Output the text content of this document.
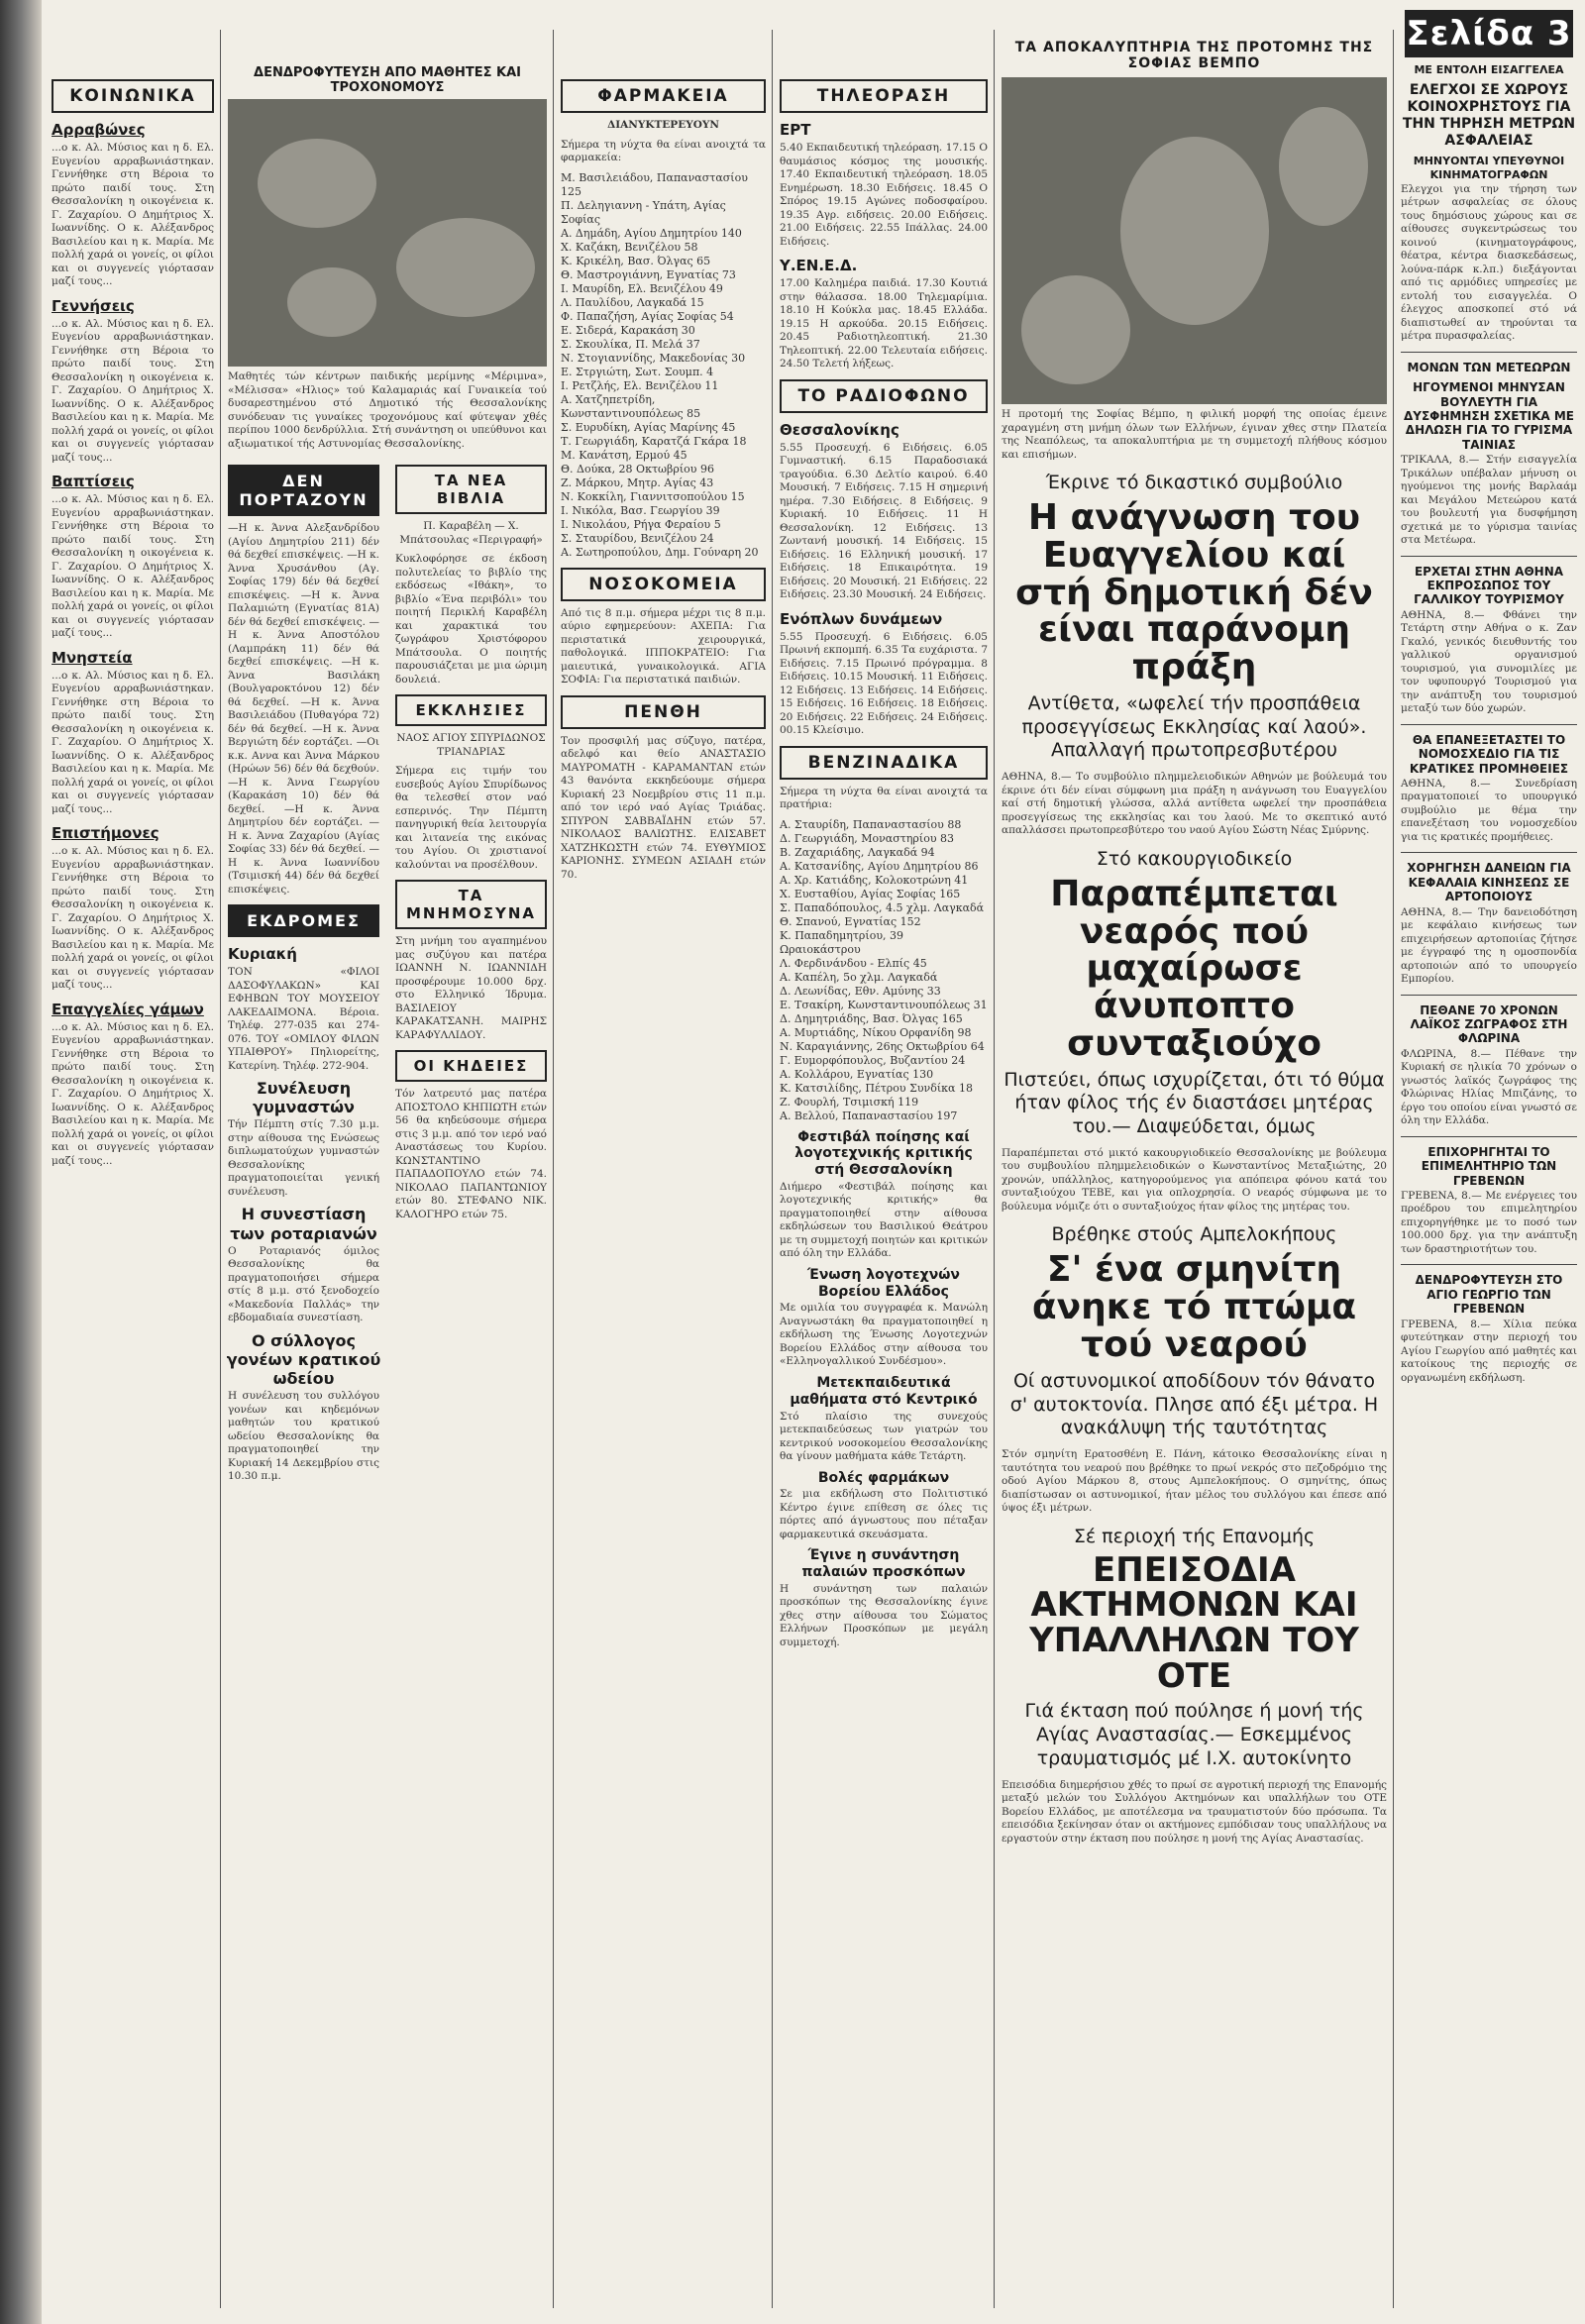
ΚΟΙΝΩΝΙΚΑ
Αρραβώνες
...ο κ. Αλ. Μύσιος και η δ. Ελ. Ευγενίου αρραβωνιάστηκαν. Γεννήθηκε στη Βέροια το πρώτο παιδί τους. Στη Θεσσαλονίκη η οικογένεια κ. Γ. Ζαχαρίου. Ο Δημήτριος Χ. Ιωαννίδης. Ο κ. Αλέξανδρος Βασιλείου και η κ. Μαρία. Με πολλή χαρά οι γονείς, οι φίλοι και οι συγγενείς γιόρτασαν μαζί τους...
Γεννήσεις
...ο κ. Αλ. Μύσιος και η δ. Ελ. Ευγενίου αρραβωνιάστηκαν. Γεννήθηκε στη Βέροια το πρώτο παιδί τους. Στη Θεσσαλονίκη η οικογένεια κ. Γ. Ζαχαρίου. Ο Δημήτριος Χ. Ιωαννίδης. Ο κ. Αλέξανδρος Βασιλείου και η κ. Μαρία. Με πολλή χαρά οι γονείς, οι φίλοι και οι συγγενείς γιόρτασαν μαζί τους...
Βαπτίσεις
...ο κ. Αλ. Μύσιος και η δ. Ελ. Ευγενίου αρραβωνιάστηκαν. Γεννήθηκε στη Βέροια το πρώτο παιδί τους. Στη Θεσσαλονίκη η οικογένεια κ. Γ. Ζαχαρίου. Ο Δημήτριος Χ. Ιωαννίδης. Ο κ. Αλέξανδρος Βασιλείου και η κ. Μαρία. Με πολλή χαρά οι γονείς, οι φίλοι και οι συγγενείς γιόρτασαν μαζί τους...
Μνηστεία
...ο κ. Αλ. Μύσιος και η δ. Ελ. Ευγενίου αρραβωνιάστηκαν. Γεννήθηκε στη Βέροια το πρώτο παιδί τους. Στη Θεσσαλονίκη η οικογένεια κ. Γ. Ζαχαρίου. Ο Δημήτριος Χ. Ιωαννίδης. Ο κ. Αλέξανδρος Βασιλείου και η κ. Μαρία. Με πολλή χαρά οι γονείς, οι φίλοι και οι συγγενείς γιόρτασαν μαζί τους...
Επιστήμονες
...ο κ. Αλ. Μύσιος και η δ. Ελ. Ευγενίου αρραβωνιάστηκαν. Γεννήθηκε στη Βέροια το πρώτο παιδί τους. Στη Θεσσαλονίκη η οικογένεια κ. Γ. Ζαχαρίου. Ο Δημήτριος Χ. Ιωαννίδης. Ο κ. Αλέξανδρος Βασιλείου και η κ. Μαρία. Με πολλή χαρά οι γονείς, οι φίλοι και οι συγγενείς γιόρτασαν μαζί τους...
Επαγγελίες γάμων
...ο κ. Αλ. Μύσιος και η δ. Ελ. Ευγενίου αρραβωνιάστηκαν. Γεννήθηκε στη Βέροια το πρώτο παιδί τους. Στη Θεσσαλονίκη η οικογένεια κ. Γ. Ζαχαρίου. Ο Δημήτριος Χ. Ιωαννίδης. Ο κ. Αλέξανδρος Βασιλείου και η κ. Μαρία. Με πολλή χαρά οι γονείς, οι φίλοι και οι συγγενείς γιόρτασαν μαζί τους...
ΔΕΝΔΡΟΦΥΤΕΥΣΗ ΑΠΟ ΜΑΘΗΤΕΣ ΚΑΙ ΤΡΟΧΟΝΟΜΟΥΣ
Μαθητές τών κέντρων παιδικής μερίμνης «Μέριμνα», «Μέλισσα» «Ηλιος» τού Καλαμαριάς καί Γυναικεία τού δυσαρεστημένου στό Δημοτικό τής Θεσσαλονίκης συνόδευαν τις γυναίκες τροχονόμους καί φύτεψαν χθές περίπου 1000 δενδρύλλια. Στή συνάντηση οι υπεύθυνοι και αξιωματικοί τής Αστυνομίας Θεσσαλονίκης.
ΔΕΝ ΠΟΡΤΑΖΟΥΝ
—Η κ. Άννα Αλεξανδρίδου (Αγίου Δημητρίου 211) δέν θά δεχθεί επισκέψεις. —Η κ. Άννα Χρυσάνθου (Αγ. Σοφίας 179) δέν θά δεχθεί επισκέψεις. —Η κ. Άννα Παλαμιώτη (Εγνατίας 81Α) δέν θά δεχθεί επισκέψεις. —Η κ. Άννα Αποστόλου (Λαμπράκη 11) δέν θά δεχθεί επισκέψεις. —Η κ. Άννα Βασιλάκη (Βουλγαροκτόνου 12) δέν θά δεχθεί. —Η κ. Άννα Βασιλειάδου (Πυθαγόρα 72) δέν θά δεχθεί. —Η κ. Άννα Βεργιώτη δέν εορτάζει. —Οι κ.κ. Αννα και Άννα Μάρκου (Ηρώων 56) δέν θά δεχθούν. —Η κ. Άννα Γεωργίου (Καρακάση 10) δέν θά δεχθεί. —Η κ. Άννα Δημητρίου δέν εορτάζει. —Η κ. Άννα Ζαχαρίου (Αγίας Σοφίας 33) δέν θά δεχθεί. —Η κ. Άννα Ιωαννίδου (Τσιμισκή 44) δέν θά δεχθεί επισκέψεις.
ΕΚΔΡΟΜΕΣ
Κυριακή
ΤΟΝ «ΦΙΛΟΙ ΔΑΣΟΦΥΛΑΚΩΝ» ΚΑΙ ΕΦΗΒΩΝ ΤΟΥ ΜΟΥΣΕΙΟΥ ΛΑΚΕΔΑΙΜΟΝΑ. Βέροια. Τηλέφ. 277-035 και 274-076. ΤΟΥ «ΟΜΙΛΟΥ ΦΙΛΩΝ ΥΠΑΙΘΡΟΥ» Πηλιορείτης, Κατερίνη. Τηλέφ. 272-904.
Συνέλευση γυμναστών
Τήν Πέμπτη στίς 7.30 μ.μ. στην αίθουσα της Ενώσεως διπλωματούχων γυμναστών Θεσσαλονίκης πραγματοποιείται γενική συνέλευση.
Η συνεστίαση των ροταριανών
Ο Ροταριανός όμιλος Θεσσαλονίκης θα πραγματοποιήσει σήμερα στίς 8 μ.μ. στό ξενοδοχείο «Μακεδονία Παλλάς» την εβδομαδιαία συνεστίαση.
Ο σύλλογος γονέων κρατικού ωδείου
Η συνέλευση του συλλόγου γονέων και κηδεμόνων μαθητών του κρατικού ωδείου Θεσσαλονίκης θα πραγματοποιηθεί την Κυριακή 14 Δεκεμβρίου στις 10.30 π.μ.
ΤΑ ΝΕΑ ΒΙΒΛΙΑ
Π. Καραβέλη — Χ. Μπάτσουλας «Περιγραφή»
Κυκλοφόρησε σε έκδοση πολυτελείας το βιβλίο της εκδόσεως «Ιθάκη», το βιβλίο «Ένα περιβόλι» του ποιητή Περικλή Καραβέλη και χαρακτικά του ζωγράφου Χριστόφορου Μπάτσουλα. Ο ποιητής παρουσιάζεται με μια ώριμη δουλειά.
ΕΚΚΛΗΣΙΕΣ
ΝΑΟΣ ΑΓΙΟΥ ΣΠΥΡΙΔΩΝΟΣ ΤΡΙΑΝΔΡΙΑΣ
Σήμερα εις τιμήν του ευσεβούς Αγίου Σπυρίδωνος θα τελεσθεί στον ναό εσπερινός. Την Πέμπτη πανηγυρική θεία λειτουργία και λιτανεία της εικόνας του Αγίου. Οι χριστιανοί καλούνται να προσέλθουν.
ΤΑ ΜΝΗΜΟΣΥΝΑ
Στη μνήμη του αγαπημένου μας συζύγου και πατέρα ΙΩΑΝΝΗ Ν. ΙΩΑΝΝΙΔΗ προσφέρουμε 10.000 δρχ. στο Ελληνικό Ίδρυμα. ΒΑΣΙΛΕΙΟΥ ΚΑΡΑΚΑΤΣΑΝΗ. ΜΑΙΡΗΣ ΚΑΡΑΦΥΛΛΙΔΟΥ.
ΟΙ ΚΗΔΕΙΕΣ
Τόν λατρευτό μας πατέρα ΑΠΟΣΤΟΛΟ ΚΗΠΙΩΤΗ ετών 56 θα κηδεύσουμε σήμερα στις 3 μ.μ. από τον ιερό ναό Αναστάσεως του Κυρίου. ΚΩΝΣΤΑΝΤΙΝΟ ΠΑΠΑΔΟΠΟΥΛΟ ετών 74. ΝΙΚΟΛΑΟ ΠΑΠΑΝΤΩΝΙΟΥ ετών 80. ΣΤΕΦΑΝΟ ΝΙΚ. ΚΑΛΟΓΗΡΟ ετών 75.
ΦΑΡΜΑΚΕΙΑ
ΔΙΑΝΥΚΤΕΡΕΥΟΥΝ
Σήμερα τη νύχτα θα είναι ανοιχτά τα φαρμακεία:
Μ. Βασιλειάδου, Παπαναστασίου 125
Π. Δεληγιαννη - Υπάτη, Αγίας Σοφίας
Α. Δημάδη, Αγίου Δημητρίου 140
Χ. Καζάκη, Βενιζέλου 58
Κ. Κρικέλη, Βασ. Όλγας 65
Θ. Μαστρογιάννη, Εγνατίας 73
Ι. Μαυρίδη, Ελ. Βενιζέλου 49
Λ. Παυλίδου, Λαγκαδά 15
Φ. Παπαζήση, Αγίας Σοφίας 54
Ε. Σιδερά, Καρακάση 30
Σ. Σκουλίκα, Π. Μελά 37
Ν. Στογιαννίδης, Μακεδονίας 30
Ε. Στργιώτη, Σωτ. Σουμπ. 4
Ι. Ρετζλής, Ελ. Βενιζέλου 11
Α. Χατζηπετρίδη, Κωνσταντινουπόλεως 85
Σ. Ευρυδίκη, Αγίας Μαρίνης 45
Τ. Γεωργιάδη, Καρατζά Γκάρα 18
Μ. Κανάτση, Ερμού 45
Θ. Δούκα, 28 Οκτωβρίου 96
Ζ. Μάρκου, Μητρ. Αγίας 43
Ν. Κοκκίλη, Γιαννιτσοπούλου 15
Ι. Νικόλα, Βασ. Γεωργίου 39
Ι. Νικολάου, Ρήγα Φεραίου 5
Σ. Σταυρίδου, Βενιζέλου 24
Α. Σωτηροπούλου, Δημ. Γούναρη 20
ΝΟΣΟΚΟΜΕΙΑ
Από τις 8 π.μ. σήμερα μέχρι τις 8 π.μ. αύριο εφημερεύουν: ΑΧΕΠΑ: Για περιστατικά χειρουργικά, παθολογικά. ΙΠΠΟΚΡΑΤΕΙΟ: Για μαιευτικά, γυναικολογικά. ΑΓΙΑ ΣΟΦΙΑ: Για περιστατικά παιδιών.
ΠΕΝΘΗ
Τον προσφιλή μας σύζυγο, πατέρα, αδελφό και θείο ΑΝΑΣΤΑΣΙΟ ΜΑΥΡΟΜΑΤΗ - ΚΑΡΑΜΑΝΤΑΝ ετών 43 θανόντα εκκηδεύουμε σήμερα Κυριακή 23 Νοεμβρίου στις 11 π.μ. από τον ιερό ναό Αγίας Τριάδας. ΣΠΥΡΟΝ ΣΑΒΒΑΪΔΗΝ ετών 57. ΝΙΚΟΛΑΟΣ ΒΑΛΙΩΤΗΣ. ΕΛΙΣΑΒΕΤ ΧΑΤΖΗΚΩΣΤΗ ετών 74. ΕΥΘΥΜΙΟΣ ΚΑΡΙΟΝΗΣ. ΣΥΜΕΩΝ ΑΣΙΑΔΗ ετών 70.
ΤΗΛΕΟΡΑΣΗ
ΕΡΤ
5.40 Εκπαιδευτική τηλεόραση. 17.15 Ο θαυμάσιος κόσμος της μουσικής. 17.40 Εκπαιδευτική τηλεόραση. 18.05 Ενημέρωση. 18.30 Ειδήσεις. 18.45 Ο Σπόρος 19.15 Αγώνες ποδοσφαίρου. 19.35 Αγρ. ειδήσεις. 20.00 Ειδήσεις. 21.00 Ειδήσεις. 22.55 Ιπάλλας. 24.00 Ειδήσεις.
Υ.ΕΝ.Ε.Δ.
17.00 Καλημέρα παιδιά. 17.30 Κουτιά στην θάλασσα. 18.00 Τηλεμαρίμια. 18.10 Η Κούκλα μας. 18.45 Ελλάδα. 19.15 Η αρκούδα. 20.15 Ειδήσεις. 20.45 Ραδιοτηλεοπτική. 21.30 Τηλεοπτική. 22.00 Τελευταία ειδήσεις. 24.50 Τελετή λήξεως.
ΤΟ ΡΑΔΙΟΦΩΝΟ
Θεσσαλονίκης
5.55 Προσευχή. 6 Ειδήσεις. 6.05 Γυμναστική. 6.15 Παραδοσιακά τραγούδια. 6.30 Δελτίο καιρού. 6.40 Μουσική. 7 Ειδήσεις. 7.15 Η σημερινή ημέρα. 7.30 Ειδήσεις. 8 Ειδήσεις. 9 Κυριακή. 10 Ειδήσεις. 11 Η Θεσσαλονίκη. 12 Ειδήσεις. 13 Ζωντανή μουσική. 14 Ειδήσεις. 15 Ειδήσεις. 16 Ελληνική μουσική. 17 Ειδήσεις. 18 Επικαιρότητα. 19 Ειδήσεις. 20 Μουσική. 21 Ειδήσεις. 22 Ειδήσεις. 23.30 Μουσική. 24 Ειδήσεις.
Ενόπλων δυνάμεων
5.55 Προσευχή. 6 Ειδήσεις. 6.05 Πρωινή εκπομπή. 6.35 Τα ευχάριστα. 7 Ειδήσεις. 7.15 Πρωινό πρόγραμμα. 8 Ειδήσεις. 10.15 Μουσική. 11 Ειδήσεις. 12 Ειδήσεις. 13 Ειδήσεις. 14 Ειδήσεις. 15 Ειδήσεις. 16 Ειδήσεις. 18 Ειδήσεις. 20 Ειδήσεις. 22 Ειδήσεις. 24 Ειδήσεις. 00.15 Κλείσιμο.
ΒΕΝΖΙΝΑΔΙΚΑ
Σήμερα τη νύχτα θα είναι ανοιχτά τα πρατήρια:
Α. Σταυρίδη, Παπαναστασίου 88
Δ. Γεωργιάδη, Μοναστηρίου 83
Β. Ζαχαριάδης, Λαγκαδά 94
Α. Κατσανίδης, Αγίου Δημητρίου 86
Α. Χρ. Κατιάδης, Κολοκοτρώνη 41
Χ. Ευσταθίου, Αγίας Σοφίας 165
Σ. Παπαδόπουλος, 4.5 χλμ. Λαγκαδά
Θ. Σπανού, Εγνατίας 152
Κ. Παπαδημητρίου, 39 Ωραιοκάστρου
Λ. Φερδινάνδου - Ελπίς 45
Α. Καπέλη, 5ο χλμ. Λαγκαδά
Δ. Λεωνίδας, Εθν. Αμύνης 33
Ε. Τσακίρη, Κωνσταντινουπόλεως 31
Δ. Δημητριάδης, Βασ. Όλγας 165
Α. Μυρτιάδης, Νίκου Ορφανίδη 98
Ν. Καραγιάννης, 26ης Οκτωβρίου 64
Γ. Ευμορφόπουλος, Βυζαντίου 24
Α. Κολλάρου, Εγνατίας 130
Κ. Κατσιλίδης, Πέτρου Συνδίκα 18
Ζ. Φουρλή, Τσιμισκή 119
Α. Βελλού, Παπαναστασίου 197
Φεστιβάλ ποίησης καί λογοτεχνικής κριτικής στή Θεσσαλονίκη
Διήμερο «Φεστιβάλ ποίησης και λογοτεχνικής κριτικής» θα πραγματοποιηθεί στην αίθουσα εκδηλώσεων του Βασιλικού Θεάτρου με τη συμμετοχή ποιητών και κριτικών από όλη την Ελλάδα.
Ένωση λογοτεχνών Βορείου Ελλάδος
Με ομιλία του συγγραφέα κ. Μανώλη Αναγνωστάκη θα πραγματοποιηθεί η εκδήλωση της Ένωσης Λογοτεχνών Βορείου Ελλάδος στην αίθουσα του «Ελληνογαλλικού Συνδέσμου».
Μετεκπαιδευτικά μαθήματα στό Κεντρικό
Στό πλαίσιο της συνεχούς μετεκπαιδεύσεως των γιατρών του κεντρικού νοσοκομείου Θεσσαλονίκης θα γίνουν μαθήματα κάθε Τετάρτη.
Βολές φαρμάκων
Σε μια εκδήλωση στο Πολιτιστικό Κέντρο έγινε επίθεση σε όλες τις πόρτες από άγνωστους που πέταξαν φαρμακευτικά σκευάσματα.
Έγινε η συνάντηση παλαιών προσκόπων
Η συνάντηση των παλαιών προσκόπων της Θεσσαλονίκης έγινε χθες στην αίθουσα του Σώματος Ελλήνων Προσκόπων με μεγάλη συμμετοχή.
ΤΑ ΑΠΟΚΑΛΥΠΤΗΡΙΑ ΤΗΣ ΠΡΟΤΟΜΗΣ ΤΗΣ ΣΟΦΙΑΣ ΒΕΜΠΟ
Η προτομή της Σοφίας Βέμπο, η φιλική μορφή της οποίας έμεινε χαραγμένη στη μνήμη όλων των Ελλήνων, έγιναν χθες στην Πλατεία της Νεαπόλεως, τα αποκαλυπτήρια με τη συμμετοχή πλήθους κόσμου και επισήμων.
Έκρινε τό δικαστικό συμβούλιο
Η ανάγνωση του Ευαγγελίου καί στή δημοτική δέν είναι παράνομη πράξη
Αντίθετα, «ωφελεί τήν προσπάθεια προσεγγίσεως Εκκλησίας καί λαού». Απαλλαγή πρωτοπρεσβυτέρου
ΑΘΗΝΑ, 8.— Το συμβούλιο πλημμελειοδικών Αθηνών με βούλευμά του έκρινε ότι δέν είναι σύμφωνη μια πράξη η ανάγνωση του Ευαγγελίου καί στή δημοτική γλώσσα, αλλά αντίθετα ωφελεί την προσπάθεια προσεγγίσεως της εκκλησίας και του λαού. Με το σκεπτικό αυτό απαλλάσσει πρωτοπρεσβύτερο του ναού Αγίου Σώστη Νέας Σμύρνης.
Στό κακουργιοδικείο
Παραπέμπεται νεαρός πού μαχαίρωσε άνυποπτο συνταξιούχο
Πιστεύει, όπως ισχυρίζεται, ότι τό θύμα ήταν φίλος τής έν διαστάσει μητέρας του.— Διαψεύδεται, όμως
Παραπέμπεται στό μικτό κακουργιοδικείο Θεσσαλονίκης με βούλευμα του συμβουλίου πλημμελειοδικών ο Κωνσταντίνος Μεταξιώτης, 20 χρονών, υπάλληλος, κατηγορούμενος για απόπειρα φόνου κατά του συνταξιούχου ΤΕΒΕ, και για οπλοχρησία. Ο νεαρός σύμφωνα με το βούλευμα νόμιζε ότι ο συνταξιούχος ήταν φίλος της μητέρας του.
Βρέθηκε στούς Αμπελοκήπους
Σ' ένα σμηνίτη άνηκε τό πτώμα τού νεαρού
Οί αστυνομικοί αποδίδουν τόν θάνατο σ' αυτοκτονία. Πλησε από έξι μέτρα. Η ανακάλυψη τής ταυτότητας
Στόν σμηνίτη Ερατοσθένη Ε. Πάνη, κάτοικο Θεσσαλονίκης είναι η ταυτότητα του νεαρού που βρέθηκε το πρωί νεκρός στο πεζοδρόμιο της οδού Αγίου Μάρκου 8, στους Αμπελοκήπους. Ο σμηνίτης, όπως διαπίστωσαν οι αστυνομικοί, ήταν μέλος του συλλόγου και έπεσε από ύψος έξι μέτρων.
Σέ περιοχή τής Επανομής
ΕΠΕΙΣΟΔΙΑ ΑΚΤΗΜΟΝΩΝ ΚΑΙ ΥΠΑΛΛΗΛΩΝ ΤΟΥ ΟΤΕ
Γιά έκταση πού πούλησε ή μονή τής Αγίας Αναστασίας.— Εσκεμμένος τραυματισμός μέ Ι.Χ. αυτοκίνητο
Επεισόδια διημερήσιου χθές το πρωί σε αγροτική περιοχή της Επανομής μεταξύ μελών του Συλλόγου Ακτημόνων και υπαλλήλων του ΟΤΕ Βορείου Ελλάδος, με αποτέλεσμα να τραυματιστούν δύο πρόσωπα. Τα επεισόδια ξεκίνησαν όταν οι ακτήμονες εμπόδισαν τους υπαλλήλους να εργαστούν στην έκταση που πούλησε η μονή της Αγίας Αναστασίας.
Σελίδα 3
ΜΕ ΕΝΤΟΛΗ ΕΙΣΑΓΓΕΛΕΑ
ΕΛΕΓΧΟΙ ΣΕ ΧΩΡΟΥΣ ΚΟΙΝΟΧΡΗΣΤΟΥΣ ΓΙΑ ΤΗΝ ΤΗΡΗΣΗ ΜΕΤΡΩΝ ΑΣΦΑΛΕΙΑΣ
ΜΗΝΥΟΝΤΑΙ ΥΠΕΥΘΥΝΟΙ ΚΙΝΗΜΑΤΟΓΡΑΦΩΝ
Ελεγχοι για την τήρηση των μέτρων ασφαλείας σε όλους τους δημόσιους χώρους και σε αίθουσες συγκεντρώσεως του κοινού (κινηματογράφους, θέατρα, κέντρα διασκεδάσεως, λούνα-πάρκ κ.λπ.) διεξάγονται από τις αρμόδιες υπηρεσίες με εντολή του εισαγγελέα. Ο έλεγχος αποσκοπεί στό νά διαπιστωθεί αν τηρούνται τα μέτρα πυρασφαλείας.
ΜΟΝΩΝ ΤΩΝ ΜΕΤΕΩΡΩΝ
ΗΓΟΥΜΕΝΟΙ ΜΗΝΥΣΑΝ ΒΟΥΛΕΥΤΗ ΓΙΑ ΔΥΣΦΗΜΗΣΗ ΣΧΕΤΙΚΑ ΜΕ ΔΗΛΩΣΗ ΓΙΑ ΤΟ ΓΥΡΙΣΜΑ ΤΑΙΝΙΑΣ
ΤΡΙΚΑΛΑ, 8.— Στήν εισαγγελία Τρικάλων υπέβαλαν μήνυση οι ηγούμενοι της μονής Βαρλαάμ και Μεγάλου Μετεώρου κατά του βουλευτή για δυσφήμηση σχετικά με το γύρισμα ταινίας στα Μετέωρα.
ΕΡΧΕΤΑΙ ΣΤΗΝ ΑΘΗΝΑ ΕΚΠΡΟΣΩΠΟΣ ΤΟΥ ΓΑΛΛΙΚΟΥ ΤΟΥΡΙΣΜΟΥ
ΑΘΗΝΑ, 8.— Φθάνει την Τετάρτη στην Αθήνα ο κ. Ζαν Γκαλό, γενικός διευθυντής του γαλλικού οργανισμού τουρισμού, για συνομιλίες με τον υφυπουργό Τουρισμού για την ανάπτυξη του τουρισμού μεταξύ των δύο χωρών.
ΘΑ ΕΠΑΝΕΞΕΤΑΣΤΕΙ ΤΟ ΝΟΜΟΣΧΕΔΙΟ ΓΙΑ ΤΙΣ ΚΡΑΤΙΚΕΣ ΠΡΟΜΗΘΕΙΕΣ
ΑΘΗΝΑ, 8.— Συνεδρίαση πραγματοποιεί το υπουργικό συμβούλιο με θέμα την επανεξέταση του νομοσχεδίου για τις κρατικές προμήθειες.
ΧΟΡΗΓΗΣΗ ΔΑΝΕΙΩΝ ΓΙΑ ΚΕΦΑΛΑΙΑ ΚΙΝΗΣΕΩΣ ΣΕ ΑΡΤΟΠΟΙΟΥΣ
ΑΘΗΝΑ, 8.— Την δανειοδότηση με κεφάλαιο κινήσεως των επιχειρήσεων αρτοποιίας ζήτησε με έγγραφό της η ομοσπονδία αρτοποιών από το υπουργείο Εμπορίου.
ΠΕΘΑΝΕ 70 ΧΡΟΝΩΝ ΛΑΪΚΟΣ ΖΩΓΡΑΦΟΣ ΣΤΗ ΦΛΩΡΙΝΑ
ΦΛΩΡΙΝΑ, 8.— Πέθανε την Κυριακή σε ηλικία 70 χρόνων ο γνωστός λαϊκός ζωγράφος της Φλώρινας Ηλίας Μπιζάνης, το έργο του οποίου είναι γνωστό σε όλη την Ελλάδα.
ΕΠΙΧΟΡΗΓΗΤΑΙ ΤΟ ΕΠΙΜΕΛΗΤΗΡΙΟ ΤΩΝ ΓΡΕΒΕΝΩΝ
ΓΡΕΒΕΝΑ, 8.— Με ενέργειες του προέδρου του επιμελητηρίου επιχορηγήθηκε με το ποσό των 100.000 δρχ. για την ανάπτυξη των δραστηριοτήτων του.
ΔΕΝΔΡΟΦΥΤΕΥΣΗ ΣΤΟ ΑΓΙΟ ΓΕΩΡΓΙΟ ΤΩΝ ΓΡΕΒΕΝΩΝ
ΓΡΕΒΕΝΑ, 8.— Χίλια πεύκα φυτεύτηκαν στην περιοχή του Αγίου Γεωργίου από μαθητές και κατοίκους της περιοχής σε οργανωμένη εκδήλωση.
